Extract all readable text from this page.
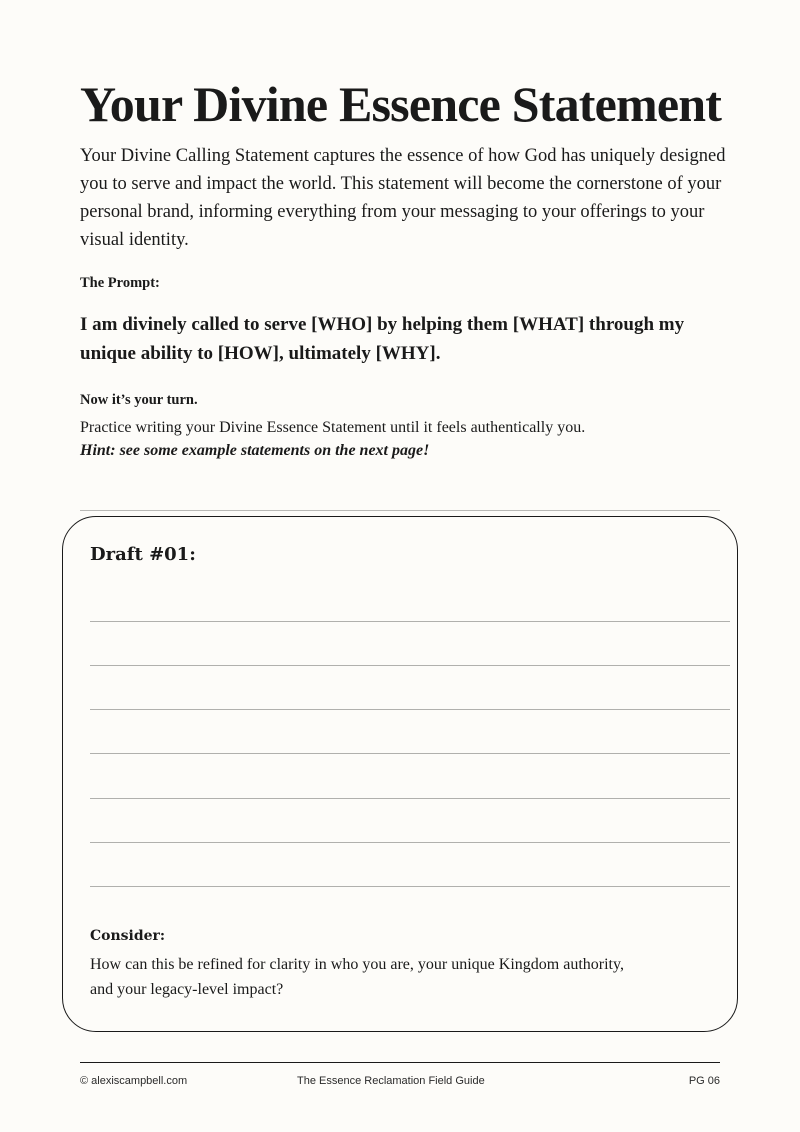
Your Divine Essence Statement

Your Divine Calling Statement captures the essence of how God has uniquely designed you to serve and impact the world. This statement will become the cornerstone of your personal brand, informing everything from your messaging to your offerings to your visual identity.

The Prompt:

I am divinely called to serve [WHO] by helping them [WHAT] through my unique ability to [HOW], ultimately [WHY].

Now it’s your turn.

Practice writing your Divine Essence Statement until it feels authentically you.

Hint: see some example statements on the next page!

Draft #01:

Consider:

How can this be refined for clarity in who you are, your unique Kingdom authority,
and your legacy-level impact?

© alexiscampbell.com	The Essence Reclamation Field Guide	PG 06
